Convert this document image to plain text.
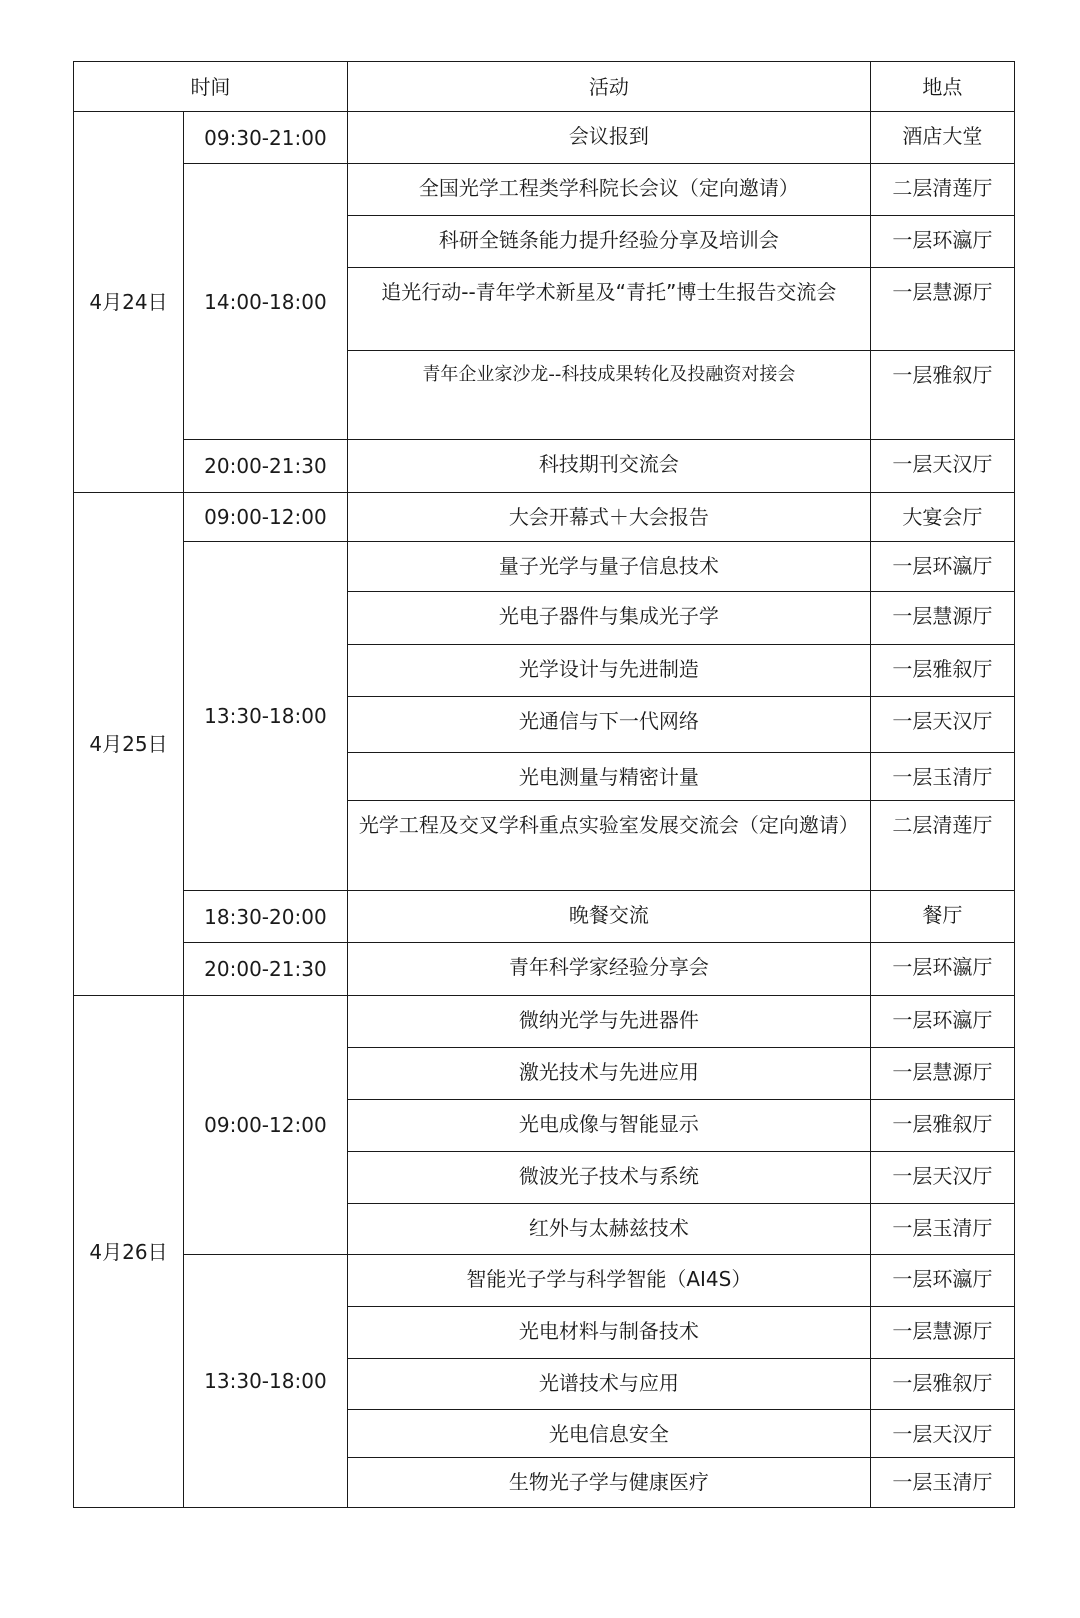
时间		活动	地点
4月24日	09:30-21:00	会议报到	酒店大堂
	14:00-18:00	全国光学工程类学科院长会议（定向邀请）	二层清莲厅
		科研全链条能力提升经验分享及培训会	一层环瀛厅
		追光行动--青年学术新星及“青托”博士生报告交流会	一层慧源厅
		青年企业家沙龙--科技成果转化及投融资对接会	一层雅叙厅
	20:00-21:30	科技期刊交流会	一层天汉厅
4月25日	09:00-12:00	大会开幕式＋大会报告	大宴会厅
	13:30-18:00	量子光学与量子信息技术	一层环瀛厅
		光电子器件与集成光子学	一层慧源厅
		光学设计与先进制造	一层雅叙厅
		光通信与下一代网络	一层天汉厅
		光电测量与精密计量	一层玉清厅
		光学工程及交叉学科重点实验室发展交流会（定向邀请）	二层清莲厅
	18:30-20:00	晚餐交流	餐厅
	20:00-21:30	青年科学家经验分享会	一层环瀛厅
4月26日	09:00-12:00	微纳光学与先进器件	一层环瀛厅
		激光技术与先进应用	一层慧源厅
		光电成像与智能显示	一层雅叙厅
		微波光子技术与系统	一层天汉厅
		红外与太赫兹技术	一层玉清厅
	13:30-18:00	智能光子学与科学智能（AI4S）	一层环瀛厅
		光电材料与制备技术	一层慧源厅
		光谱技术与应用	一层雅叙厅
		光电信息安全	一层天汉厅
		生物光子学与健康医疗	一层玉清厅
